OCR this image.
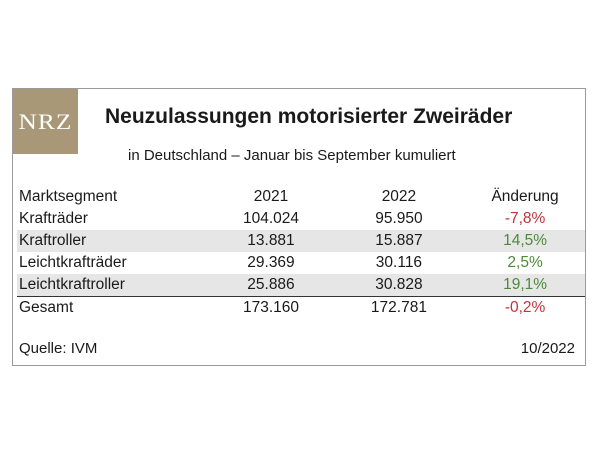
NRZ Neuzulassungen motorisierter Zweiräder
in Deutschland – Januar bis September kumuliert
Marktsegment	2021	2022	Änderung
Krafträder	104.024	95.950	-7,8%
Kraftroller	13.881	15.887	14,5%
Leichtkrafträder	29.369	30.116	2,5%
Leichtkraftroller	25.886	30.828	19,1%
Gesamt	173.160	172.781	-0,2%
Quelle: IVM	10/2022
